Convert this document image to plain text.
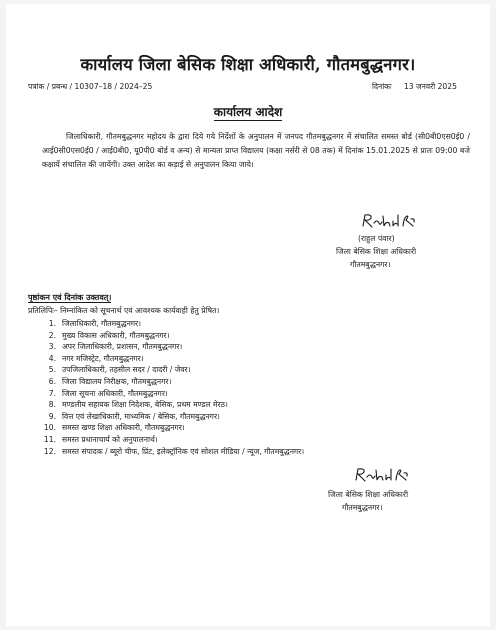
कार्यालय जिला बेसिक शिक्षा अधिकारी, गौतमबुद्धनगर।
पत्रांक / प्रबन्ध / 10307–18 / 2024–25	दिनांकः 13 जनवरी 2025
कार्यालय आदेश
जिलाधिकारी, गौतमबुद्धनगर महोदय के द्वारा दिये गये निर्देशों के अनुपालन में जनपद गौतमबुद्धनगर में संचालित समस्त बोर्ड (सी0बी0एस0ई0 / आई0सी0एस0ई0 / आई0बी0, यू0पी0 बोर्ड व अन्य) से मान्यता प्राप्त विद्यालय (कक्षा नर्सरी से 08 तक) में दिनांक 15.01.2025 से प्रातः 09:00 बजे कक्षायें संचालित की जायेंगी। उक्त आदेश का कड़ाई से अनुपालन किया जाये।
(राहुल पंवार)
जिला बेसिक शिक्षा अधिकारी
गौतमबुद्धनगर।
पृष्ठांकन एवं दिनांक उक्तवत्।
प्रतिलिपिः– निम्नांकित को सूचनार्थ एवं आवश्यक कार्यवाही हेतु प्रेषित।
1. जिलाधिकारी, गौतमबुद्धनगर।
2. मुख्य विकास अधिकारी, गौतमबुद्धनगर।
3. अपर जिलाधिकारी, प्रशासन, गौतमबुद्धनगर।
4. नगर मजिस्ट्रेट, गौतमबुद्धनगर।
5. उपजिलाधिकारी, तहसील सदर / दादरी / जेवर।
6. जिला विद्यालय निरीक्षक, गौतमबुद्धनगर।
7. जिला सूचना अधिकारी, गौतमबुद्धनगर।
8. मण्डलीय सहायक शिक्षा निदेशक, बेसिक, प्रथम मण्डल मेरठ।
9. वित्त एवं लेखाधिकारी, माध्यमिक / बेसिक, गौतमबुद्धनगर।
10. समस्त खण्ड शिक्षा अधिकारी, गौतमबुद्धनगर।
11. समस्त प्रधानाचार्य को अनुपालनार्थ।
12. समस्त संपादक / ब्यूरो चीफ, प्रिंट, इलेक्ट्रॉनिक एवं सोशल मीडिया / न्यूज, गौतमबुद्धनगर।
जिला बेसिक शिक्षा अधिकारी
गौतमबुद्धनगर।
